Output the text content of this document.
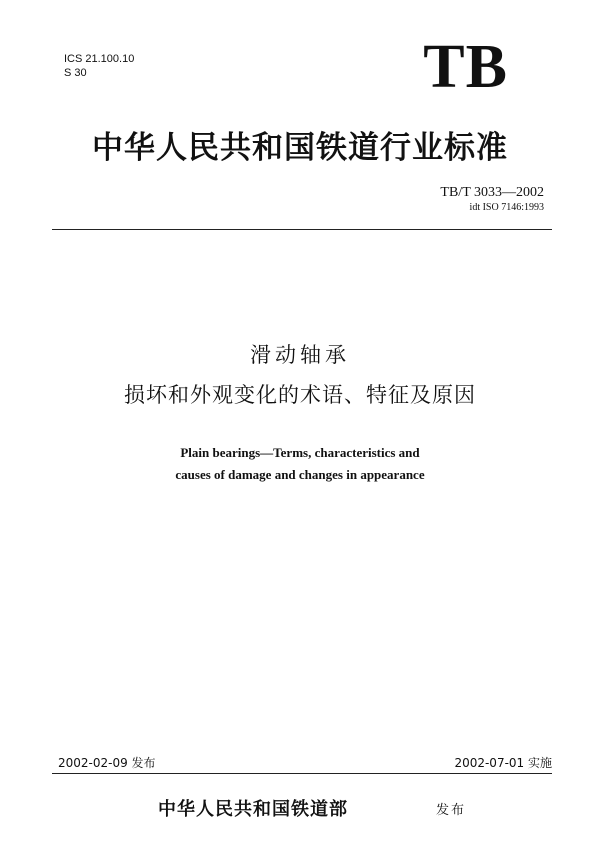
ICS 21.100.10
S 30	TB
中华人民共和国铁道行业标准
TB/T 3033—2002
idt ISO 7146:1993
滑动轴承
损坏和外观变化的术语、特征及原因
Plain bearings—Terms, characteristics and
causes of damage and changes in appearance
2002-02-09 发布	2002-07-01 实施
中华人民共和国铁道部	发布
